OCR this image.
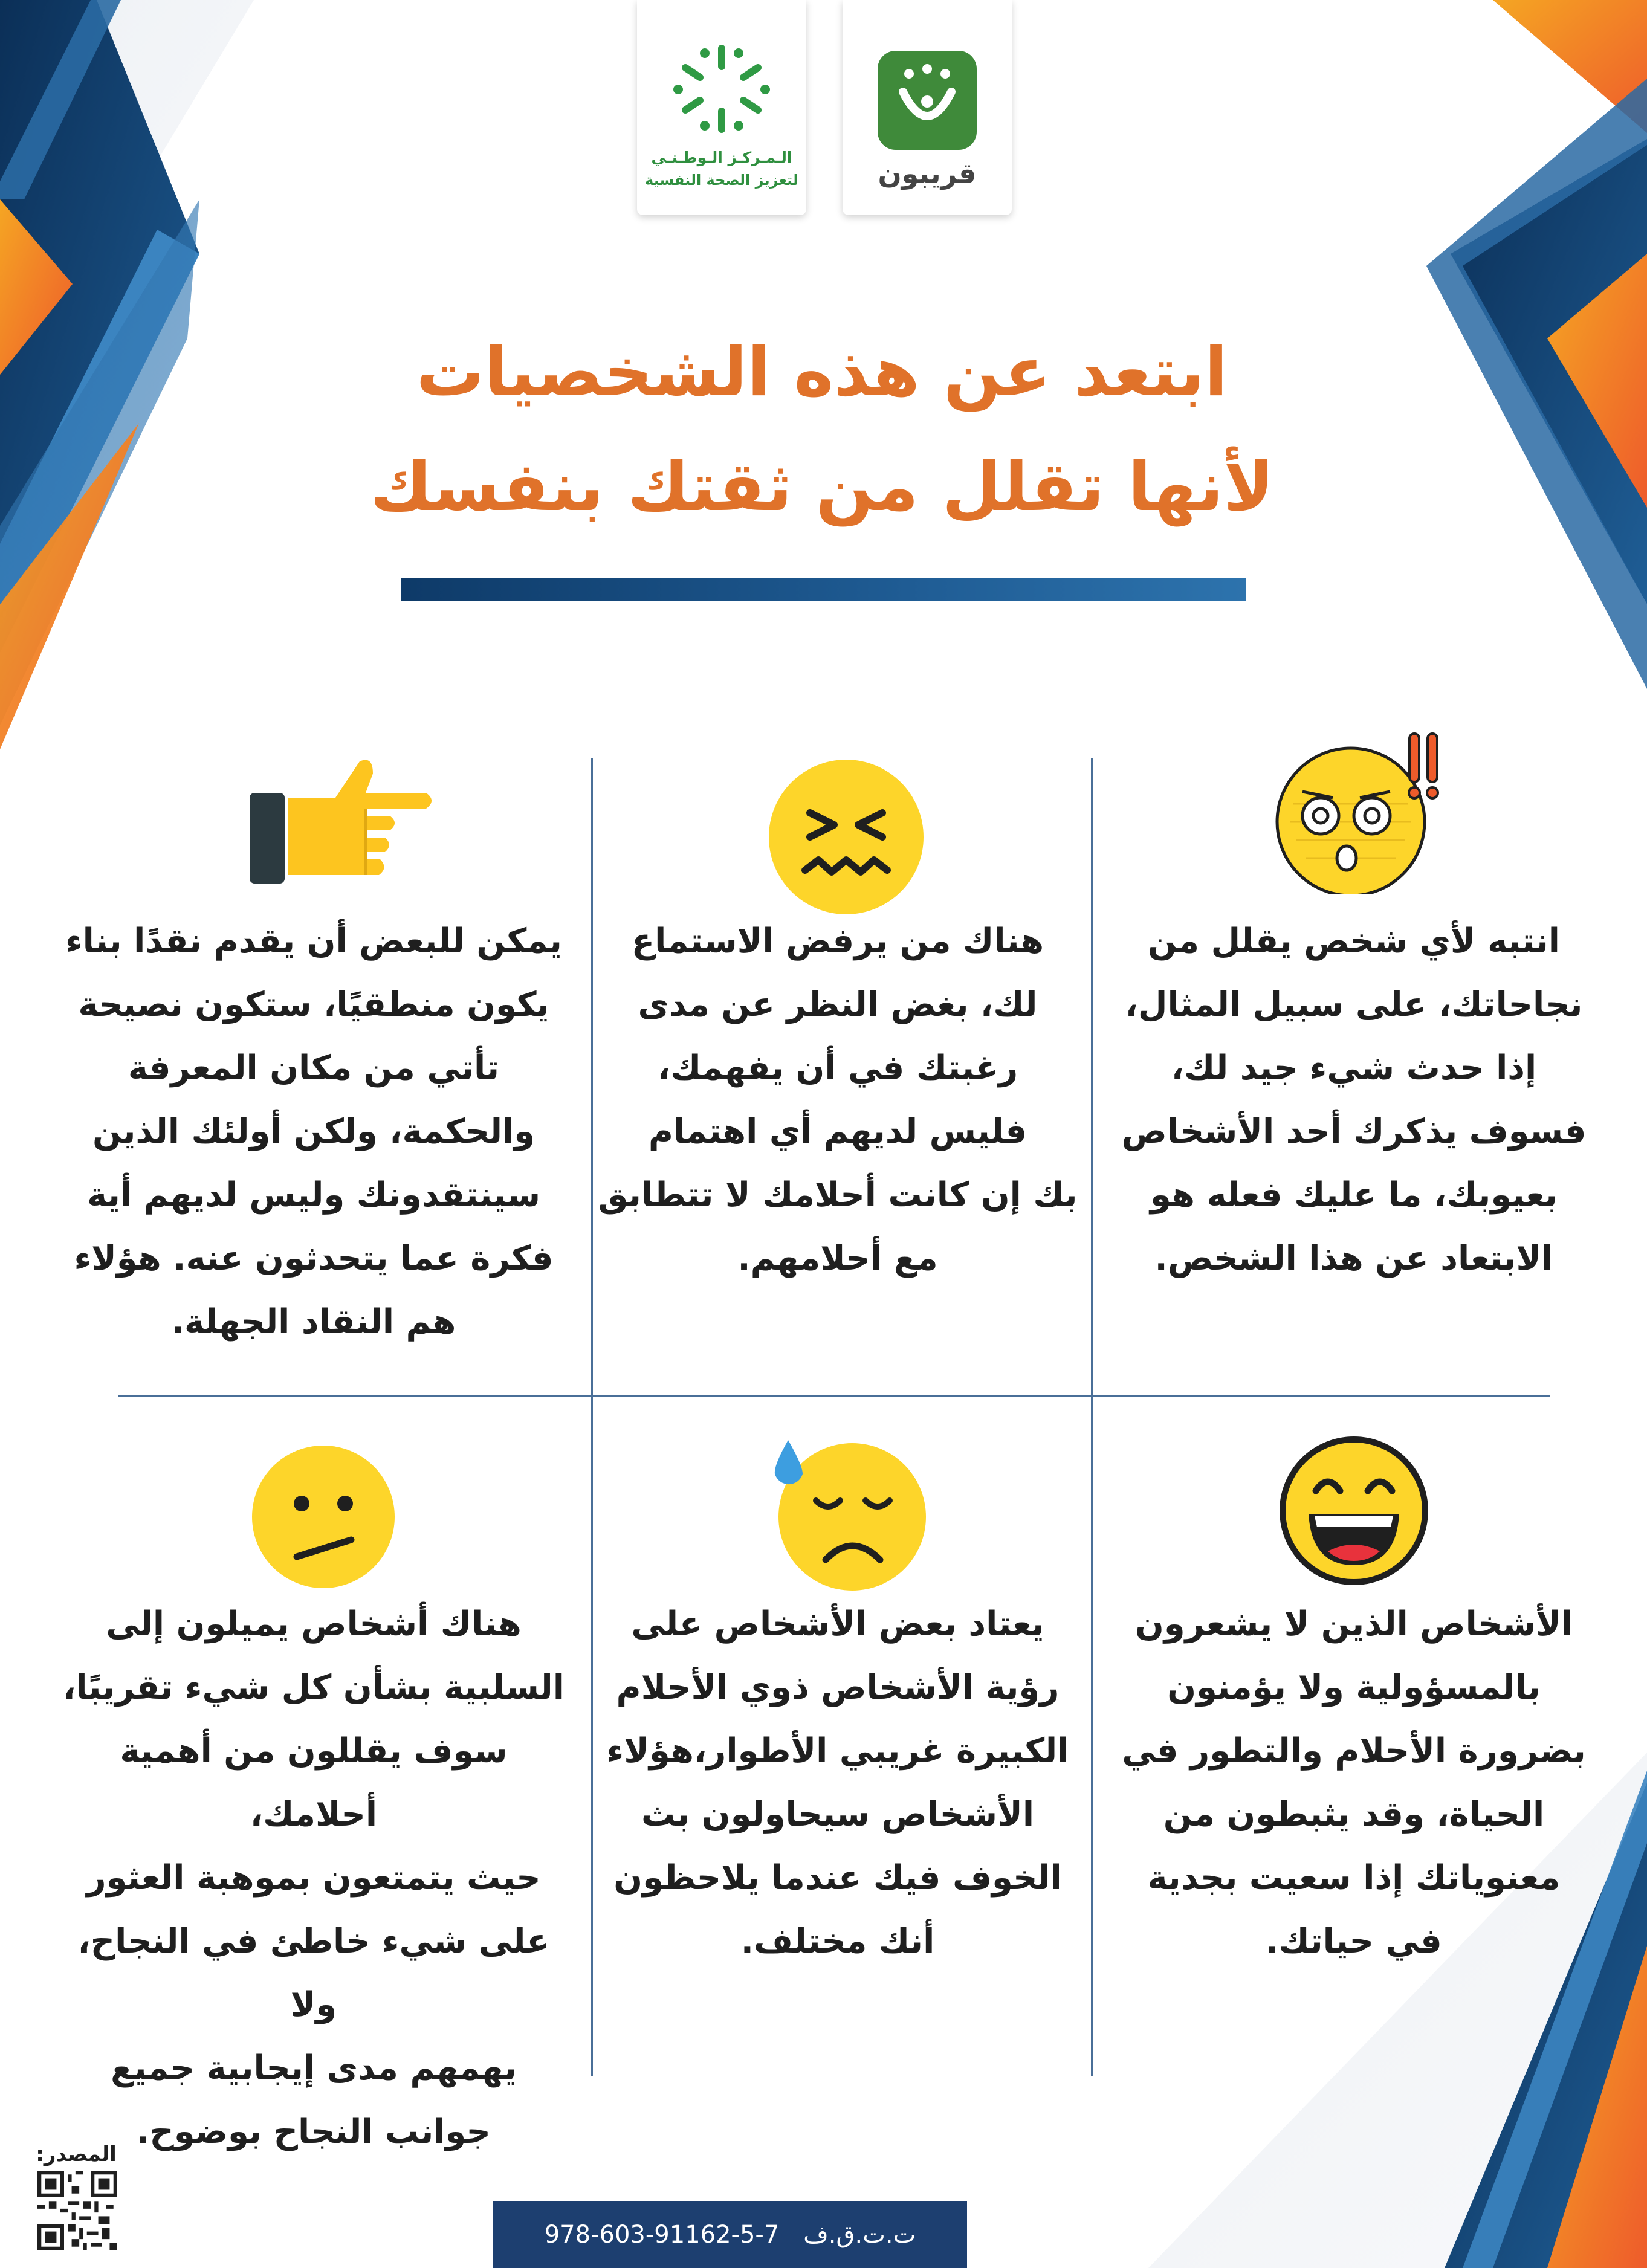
قريبون
الـمـركـز الـوطـنـي
لتعزيز الصحة النفسية
ابتعد عن هذه الشخصيات
لأنها تقلل من ثقتك بنفسك
انتبه لأي شخص يقلل من
نجاحاتك، على سبيل المثال،
إذا حدث شيء جيد لك،
فسوف يذكرك أحد الأشخاص
بعيوبك، ما عليك فعله هو
الابتعاد عن هذا الشخص.
هناك من يرفض الاستماع
لك، بغض النظر عن مدى
رغبتك في أن يفهمك،
فليس لديهم أي اهتمام
بك إن كانت أحلامك لا تتطابق
مع أحلامهم.
يمكن للبعض أن يقدم نقدًا بناء
يكون منطقيًا، ستكون نصيحة
تأتي من مكان المعرفة
والحكمة، ولكن أولئك الذين
سينتقدونك وليس لديهم أية
فكرة عما يتحدثون عنه. هؤلاء
هم النقاد الجهلة.
الأشخاص الذين لا يشعرون
بالمسؤولية ولا يؤمنون
بضرورة الأحلام والتطور في
الحياة، وقد يثبطون من
معنوياتك إذا سعيت بجدية
في حياتك.
يعتاد بعض الأشخاص على
رؤية الأشخاص ذوي الأحلام
الكبيرة غريبي الأطوار،هؤلاء
الأشخاص سيحاولون بث
الخوف فيك عندما يلاحظون
أنك مختلف.
هناك أشخاص يميلون إلى
السلبية بشأن كل شيء تقريبًا،
سوف يقللون من أهمية أحلامك،
حيث يتمتعون بموهبة العثور
على شيء خاطئ في النجاح، ولا
يهمهم مدى إيجابية جميع
جوانب النجاح بوضوح.
المصدر:
978-603-91162-5-7 ت.ت.ق.ف
